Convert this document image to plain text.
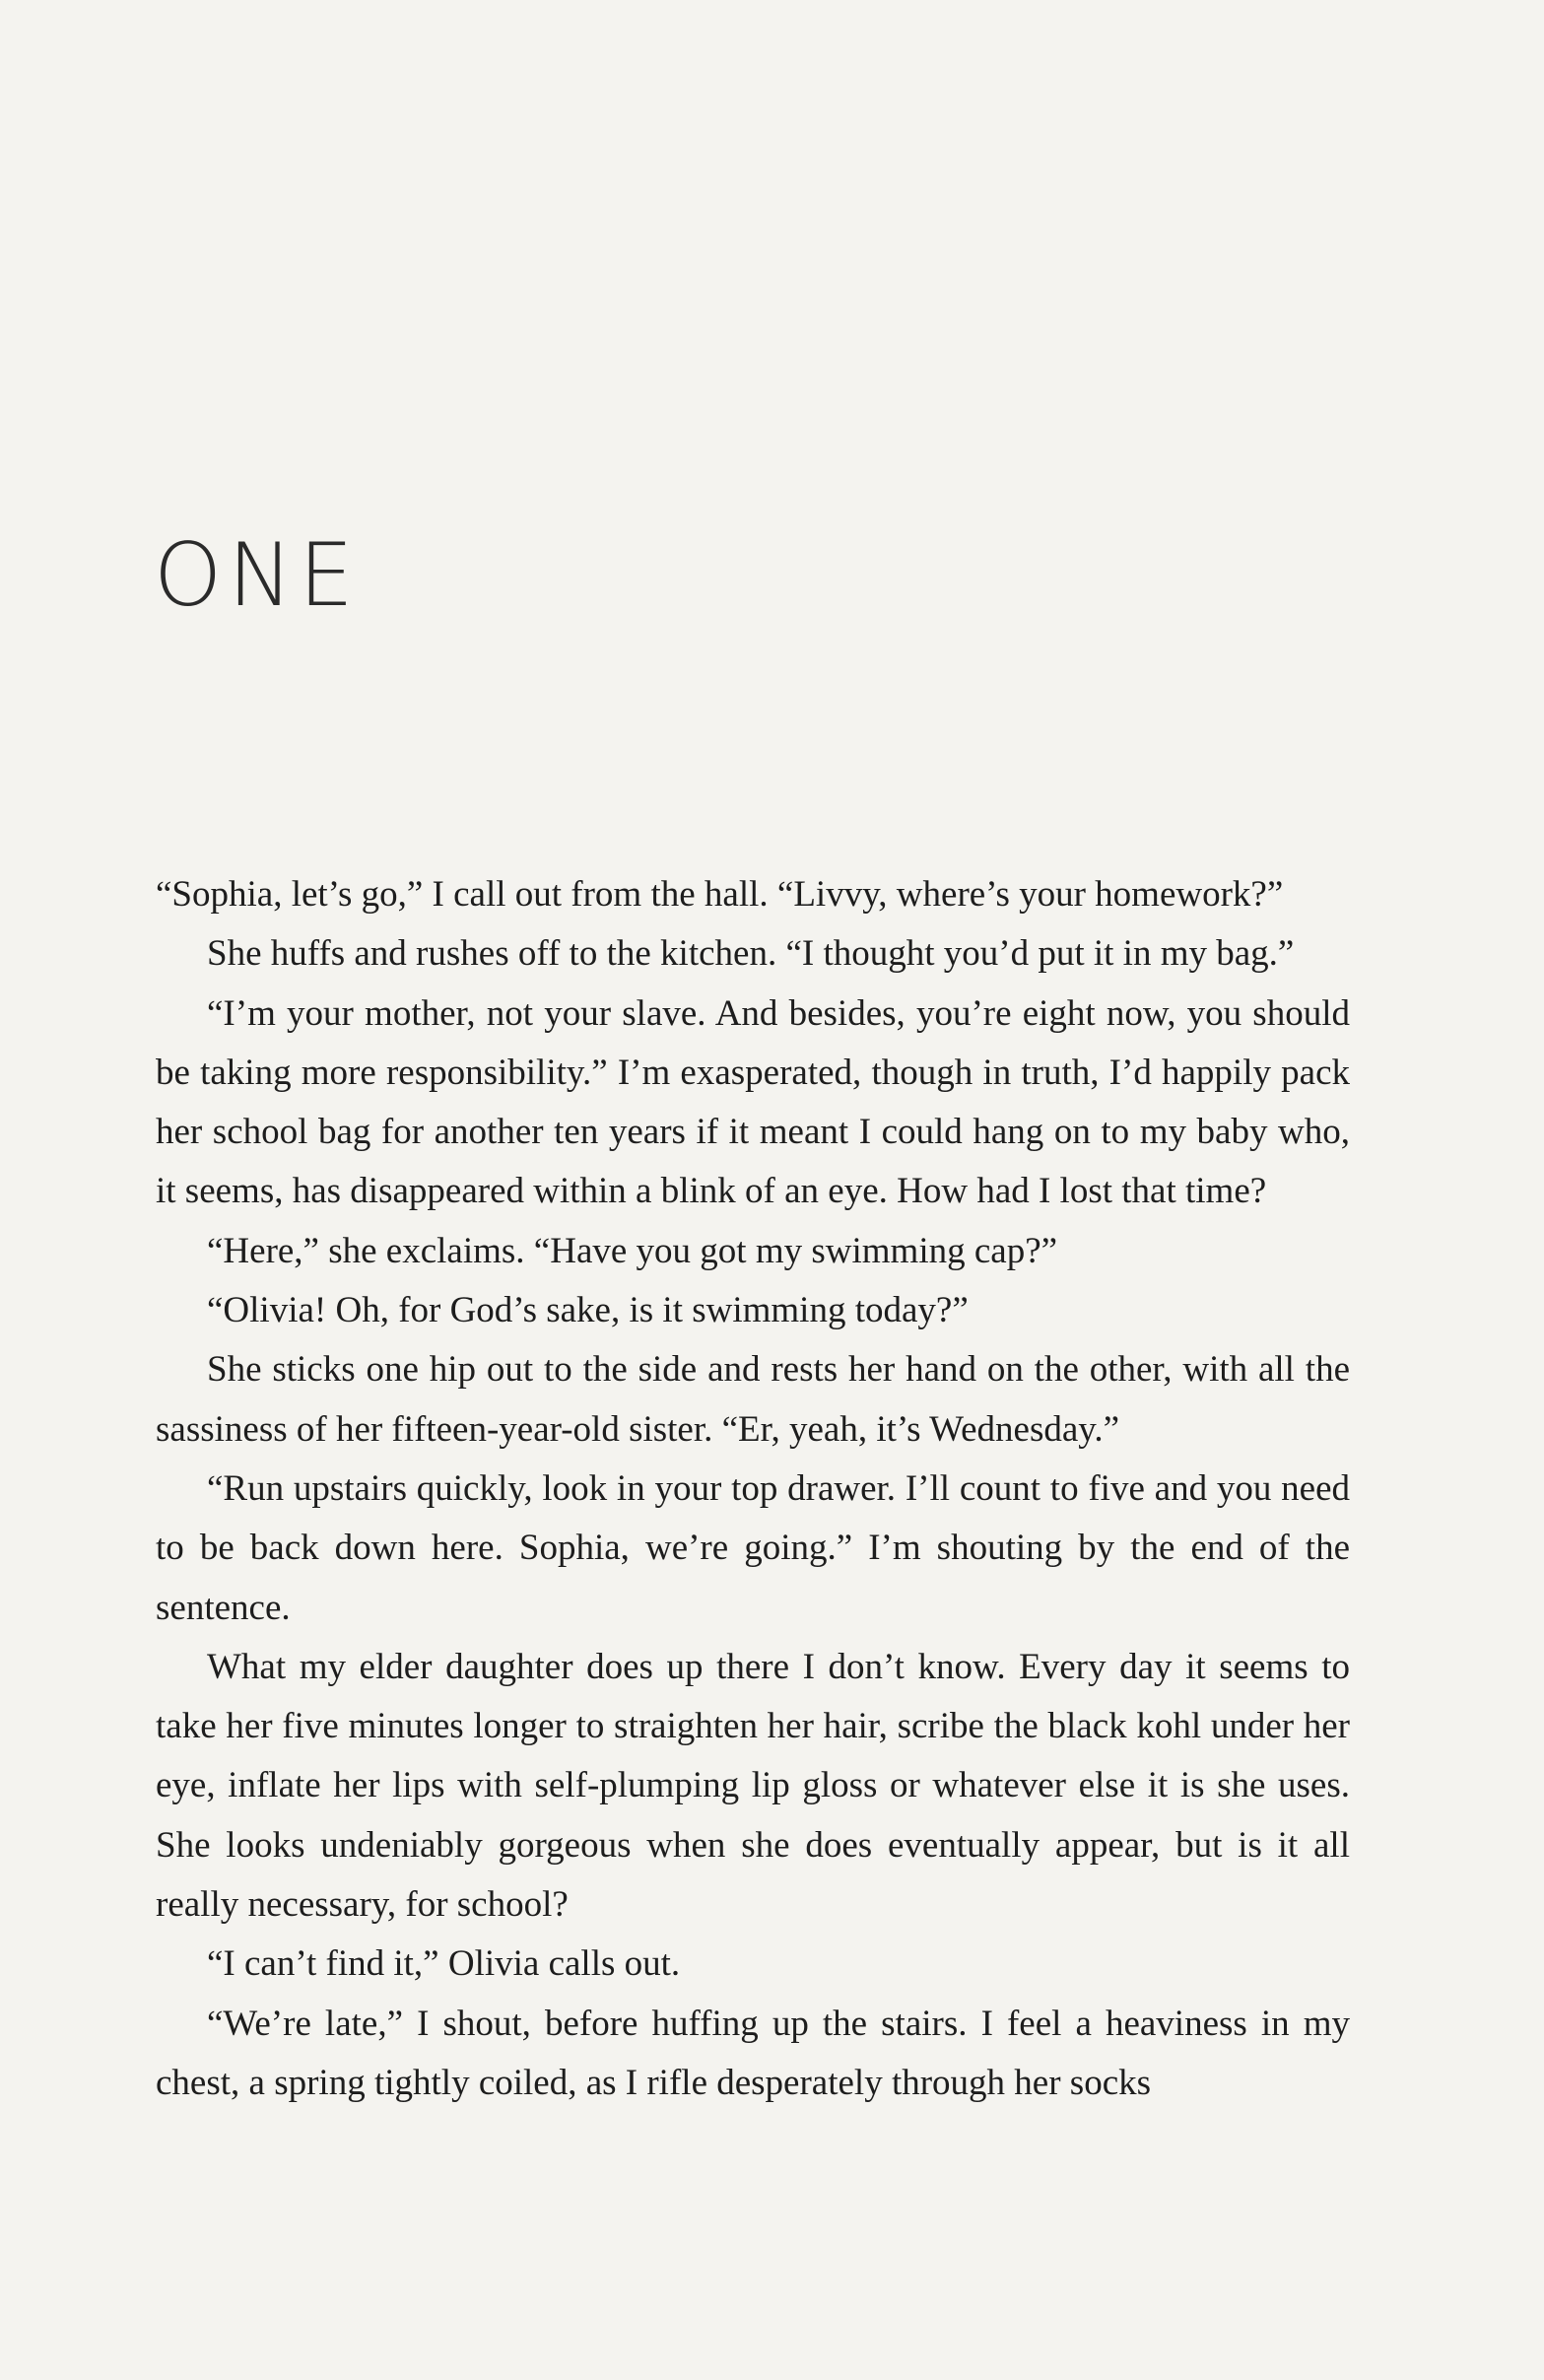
ONE

“Sophia, let’s go,” I call out from the hall. “Livvy, where’s your homework?”

She huffs and rushes off to the kitchen. “I thought you’d put it in my bag.”

“I’m your mother, not your slave. And besides, you’re eight now, you should be taking more responsibility.” I’m exasperated, though in truth, I’d happily pack her school bag for another ten years if it meant I could hang on to my baby who, it seems, has disappeared within a blink of an eye. How had I lost that time?

“Here,” she exclaims. “Have you got my swimming cap?”

“Olivia! Oh, for God’s sake, is it swimming today?”

She sticks one hip out to the side and rests her hand on the other, with all the sassiness of her fifteen-year-old sister. “Er, yeah, it’s Wednesday.”

“Run upstairs quickly, look in your top drawer. I’ll count to five and you need to be back down here. Sophia, we’re going.” I’m shouting by the end of the sentence.

What my elder daughter does up there I don’t know. Every day it seems to take her five minutes longer to straighten her hair, scribe the black kohl under her eye, inflate her lips with self-plumping lip gloss or whatever else it is she uses. She looks undeniably gorgeous when she does eventually appear, but is it all really necessary, for school?

“I can’t find it,” Olivia calls out.

“We’re late,” I shout, before huffing up the stairs. I feel a heaviness in my chest, a spring tightly coiled, as I rifle desperately through her socks
